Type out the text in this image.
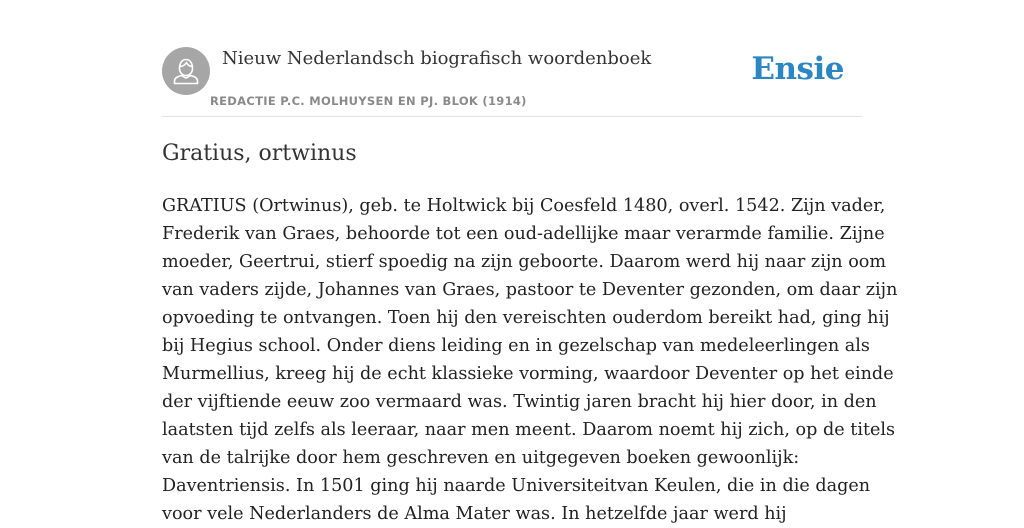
Nieuw Nederlandsch biografisch woordenboek
REDACTIE P.C. MOLHUYSEN EN PJ. BLOK (1914)
Ensie
Gratius, ortwinus
GRATIUS (Ortwinus), geb. te Holtwick bij Coesfeld 1480, overl. 1542. Zijn vader,
Frederik van Graes, behoorde tot een oud-adellijke maar verarmde familie. Zijne
moeder, Geertrui, stierf spoedig na zijn geboorte. Daarom werd hij naar zijn oom
van vaders zijde, Johannes van Graes, pastoor te Deventer gezonden, om daar zijn
opvoeding te ontvangen. Toen hij den vereischten ouderdom bereikt had, ging hij
bij Hegius school. Onder diens leiding en in gezelschap van medeleerlingen als
Murmellius, kreeg hij de echt klassieke vorming, waardoor Deventer op het einde
der vijftiende eeuw zoo vermaard was. Twintig jaren bracht hij hier door, in den
laatsten tijd zelfs als leeraar, naar men meent. Daarom noemt hij zich, op de titels
van de talrijke door hem geschreven en uitgegeven boeken gewoonlijk:
Daventriensis. In 1501 ging hij naarde Universiteitvan Keulen, die in die dagen
voor vele Nederlanders de Alma Mater was. In hetzelfde jaar werd hij
